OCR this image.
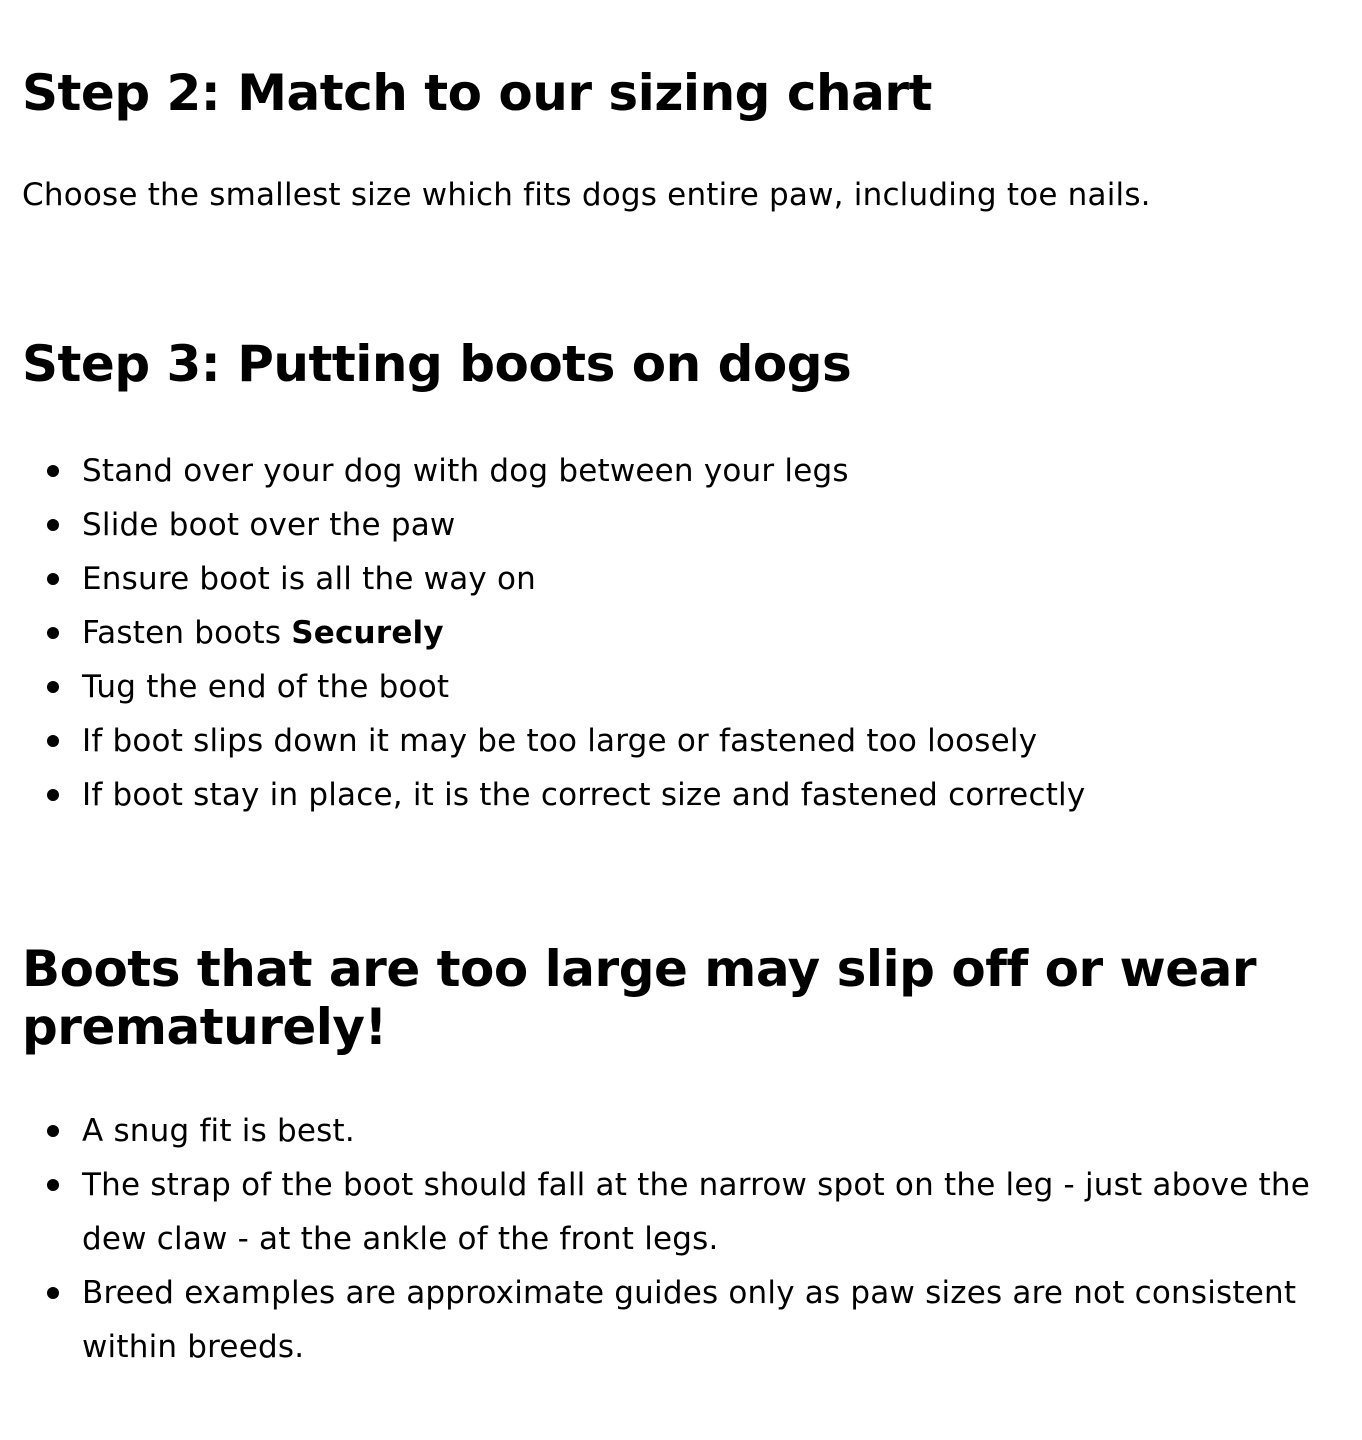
Step 2: Match to our sizing chart

Choose the smallest size which fits dogs entire paw, including toe nails.

Step 3: Putting boots on dogs
Stand over your dog with dog between your legs
Slide boot over the paw
Ensure boot is all the way on
Fasten boots Securely
Tug the end of the boot
If boot slips down it may be too large or fastened too loosely
If boot stay in place, it is the correct size and fastened correctly
Boots that are too large may slip off or wear prematurely!
A snug fit is best.
The strap of the boot should fall at the narrow spot on the leg - just above the dew claw - at the ankle of the front legs.
Breed examples are approximate guides only as paw sizes are not consistent within breeds.
